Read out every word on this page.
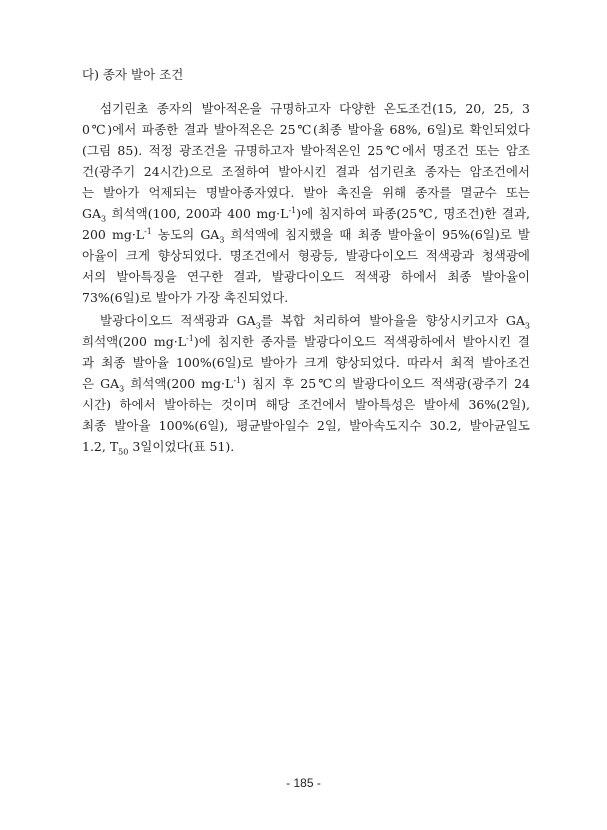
다) 종자 발아 조건
섬기린초 종자의 발아적온을 규명하고자 다양한 온도조건(15, 20, 25, 3
0℃)에서 파종한 결과 발아적온은 25℃(최종 발아율 68%, 6일)로 확인되었다
(그림 85). 적정 광조건을 규명하고자 발아적온인 25℃에서 명조건 또는 암조
건(광주기 24시간)으로 조절하여 발아시킨 결과 섬기린초 종자는 암조건에서
는 발아가 억제되는 명발아종자였다. 발아 촉진을 위해 종자를 멸균수 또는
$GA_3$ 희석액(100, 200과 400 $mg\cdot L^{-1}$)에 침지하여 파종(25℃, 명조건)한 결과,
200 $mg\cdot L^{-1}$ 농도의 $GA_3$ 희석액에 침지했을 때 최종 발아율이 95%(6일)로 발
아율이 크게 향상되었다. 명조건에서 형광등, 발광다이오드 적색광과 청색광에
서의 발아특징을 연구한 결과, 발광다이오드 적색광 하에서 최종 발아율이
73%(6일)로 발아가 가장 촉진되었다.
발광다이오드 적색광과 $GA_3$를 복합 처리하여 발아율을 향상시키고자 $GA_3$
희석액(200 $mg\cdot L^{-1}$)에 침지한 종자를 발광다이오드 적색광하에서 발아시킨 결
과 최종 발아율 100%(6일)로 발아가 크게 향상되었다. 따라서 최적 발아조건
은 $GA_3$ 희석액(200 $mg\cdot L^{-1}$) 침지 후 25℃의 발광다이오드 적색광(광주기 24
시간) 하에서 발아하는 것이며 해당 조건에서 발아특성은 발아세 36%(2일),
최종 발아율 100%(6일), 평균발아일수 2일, 발아속도지수 30.2, 발아균일도
1.2, $T_{50}$ 3일이었다(표 51).
- 185 -
